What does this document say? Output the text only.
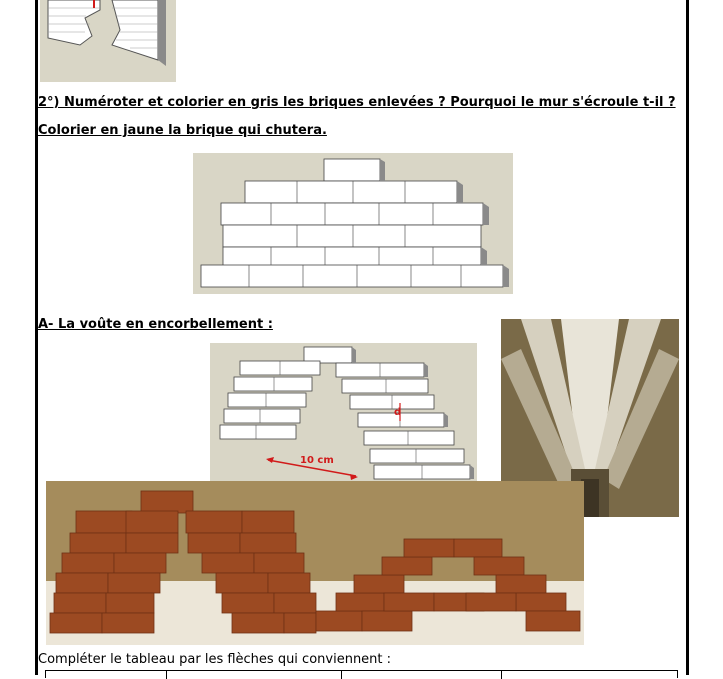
2°) Numéroter et colorier en gris les briques enlevées ? Pourquoi le mur s'écroule t-il ?
Colorier en jaune la brique qui chutera.
A- La voûte en encorbellement :
10 cm
d
Compléter le tableau par les flèches qui conviennent :
